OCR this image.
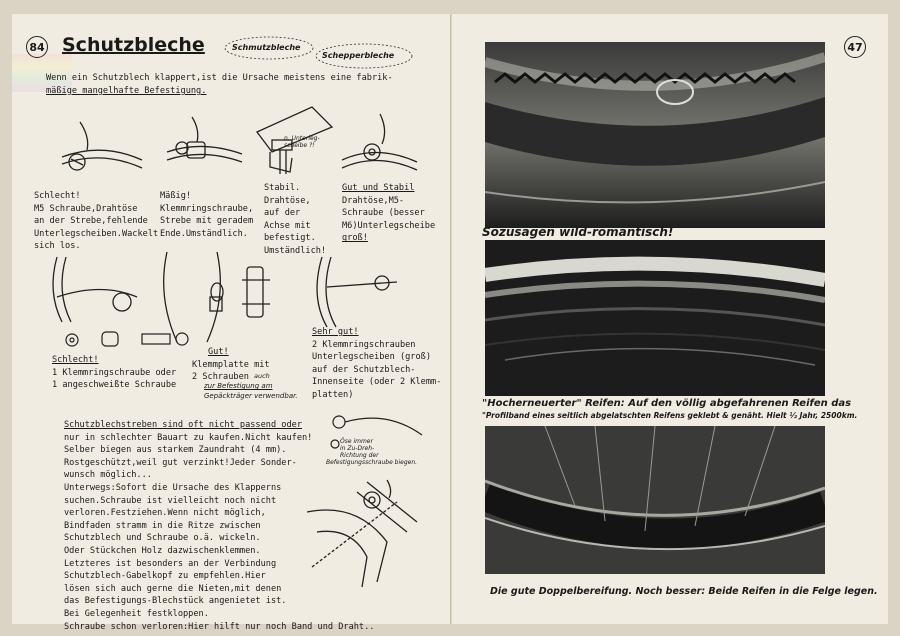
84 Schutzbleche	Schmutzbleche
Schepperbleche
Wenn ein Schutzblech klappert,ist die Ursache meistens eine fabrik-
mäßige mangelhafte Befestigung.
n. Unterleg-
scheibe ?!
Schlecht!
M5 Schraube,Drahtöse
an der Strebe,fehlende
Unterlegscheiben.Wackelt
sich los.
Mäßig!
Klemmringschraube,
Strebe mit geradem
Ende.Umständlich.
Stabil.
Drahtöse,
auf der
Achse mit
befestigt.
Umständlich!
Gut und Stabil
Drahtöse,M5-
Schraube (besser
M6)Unterlegscheibe
groß!
Schlecht!
1 Klemmringschraube oder
1 angeschweißte Schraube
Gut!
Klemmplatte mit
2 Schrauben auch
zur Befestigung am
Gepäckträger verwendbar.
Sehr gut!
2 Klemmringschrauben
Unterlegscheiben (groß)
auf der Schutzblech-
Innenseite (oder 2 Klemm-
platten)
Öse immer
in Zu-Dreh-
Richtung der
Befestigungsschraube biegen.
Schutzblechstreben sind oft nicht passend oder
nur in schlechter Bauart zu kaufen.Nicht kaufen!
Selber biegen aus starkem Zaundraht (4 mm).
Rostgeschützt,weil gut verzinkt!Jeder Sonder-
wunsch möglich...
Unterwegs:Sofort die Ursache des Klapperns
suchen.Schraube ist vielleicht noch nicht
verloren.Festziehen.Wenn nicht möglich,
Bindfaden stramm in die Ritze zwischen
Schutzblech und Schraube o.ä. wickeln.
Oder Stückchen Holz dazwischenklemmen.
Letzteres ist besonders an der Verbindung
Schutzblech-Gabelkopf zu empfehlen.Hier
lösen sich auch gerne die Nieten,mit denen
das Befestigungs-Blechstück angenietet ist.
Bei Gelegenheit festkloppen.
Schraube schon verloren:Hier hilft nur noch Band und Draht..
47
Sozusagen wild-romantisch!
"Hocherneuerter" Reifen: Auf den völlig abgefahrenen Reifen das
"Profilband eines seitlich abgelatschten Reifens geklebt & genäht. Hielt ½ Jahr, 2500km.
Die gute Doppelbereifung. Noch besser: Beide Reifen in die Felge legen.
